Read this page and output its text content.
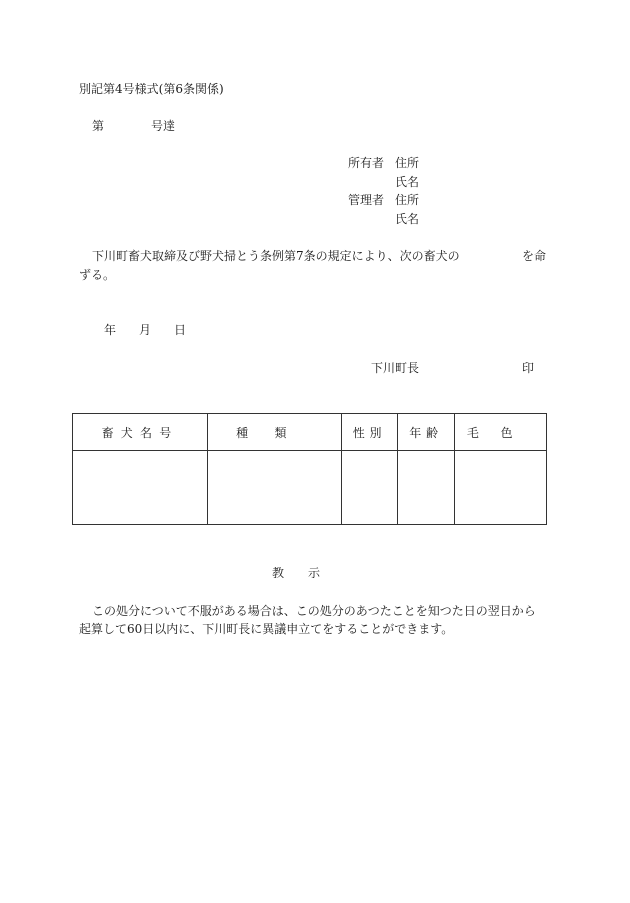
別記第4号様式(第6条関係)
第	号達
所有者 住所
氏名
管理者 住所
氏名
下川町畜犬取締及び野犬掃とう条例第7条の規定により、次の畜犬の	を命
ずる。
年 月 日
下川町長	印
畜犬名号	種類	性別	年齢	毛色

教　　示
この処分について不服がある場合は、この処分のあつたことを知つた日の翌日から起算して60日以内に、下川町長に異議申立てをすることができます。
